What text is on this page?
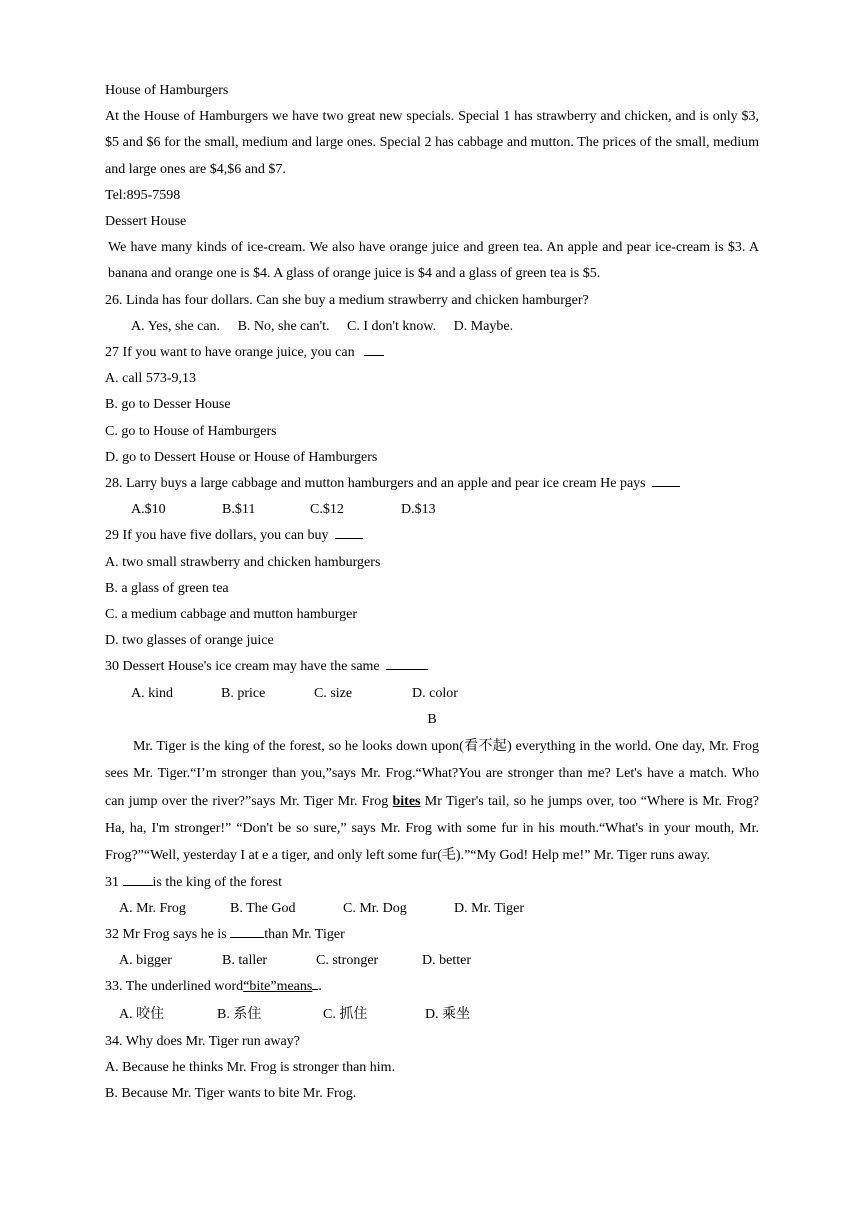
House of Hamburgers
At the House of Hamburgers we have two great new specials. Special 1 has strawberry and chicken, and is only $3, $5 and $6 for the small, medium and large ones. Special 2 has cabbage and mutton. The prices of the small, medium and large ones are $4,$6 and $7.
Tel:895-7598
Dessert House
We have many kinds of ice-cream. We also have orange juice and green tea. An apple and pear ice-cream is $3. A banana and orange one is $4. A glass of orange juice is $4 and a glass of green tea is $5.
26. Linda has four dollars. Can she buy a medium strawberry and chicken hamburger?
A. Yes, she can. B. No, she can't. C. I don't know. D. Maybe.
27 If you want to have orange juice, you can
A. call 573-9,13
B. go to Desser House
C. go to House of Hamburgers
D. go to Dessert House or House of Hamburgers
28. Larry buys a large cabbage and mutton hamburgers and an apple and pear ice cream He pays
A.$10	B.$11	C.$12	D.$13
29 If you have five dollars, you can buy
A. two small strawberry and chicken hamburgers
B. a glass of green tea
C. a medium cabbage and mutton hamburger
D. two glasses of orange juice
30 Dessert House's ice cream may have the same
A. kind	B. price	C. size	D. color
B
Mr. Tiger is the king of the forest, so he looks down upon(看不起) everything in the world. One day, Mr. Frog sees Mr. Tiger.“I’m stronger than you,”says Mr. Frog.“What?You are stronger than me? Let's have a match. Who can jump over the river?”says Mr. Tiger Mr. Frog bites Mr Tiger's tail, so he jumps over, too “Where is Mr. Frog? Ha, ha, I'm stronger!” “Don't be so sure,” says Mr. Frog with some fur in his mouth.“What's in your mouth, Mr. Frog?”“Well, yesterday I at e a tiger, and only left some fur(毛).”“My God! Help me!” Mr. Tiger runs away.
31 is the king of the forest
A. Mr. Frog	B. The God	C. Mr. Dog	D. Mr. Tiger
32 Mr Frog says he is	than Mr. Tiger
A. bigger	B. taller	C. stronger	D. better
33. The underlined word“bite”means .
A. 咬住	B. 系住	C. 抓住	D. 乘坐
34. Why does Mr. Tiger run away?
A. Because he thinks Mr. Frog is stronger than him.
B. Because Mr. Tiger wants to bite Mr. Frog.
